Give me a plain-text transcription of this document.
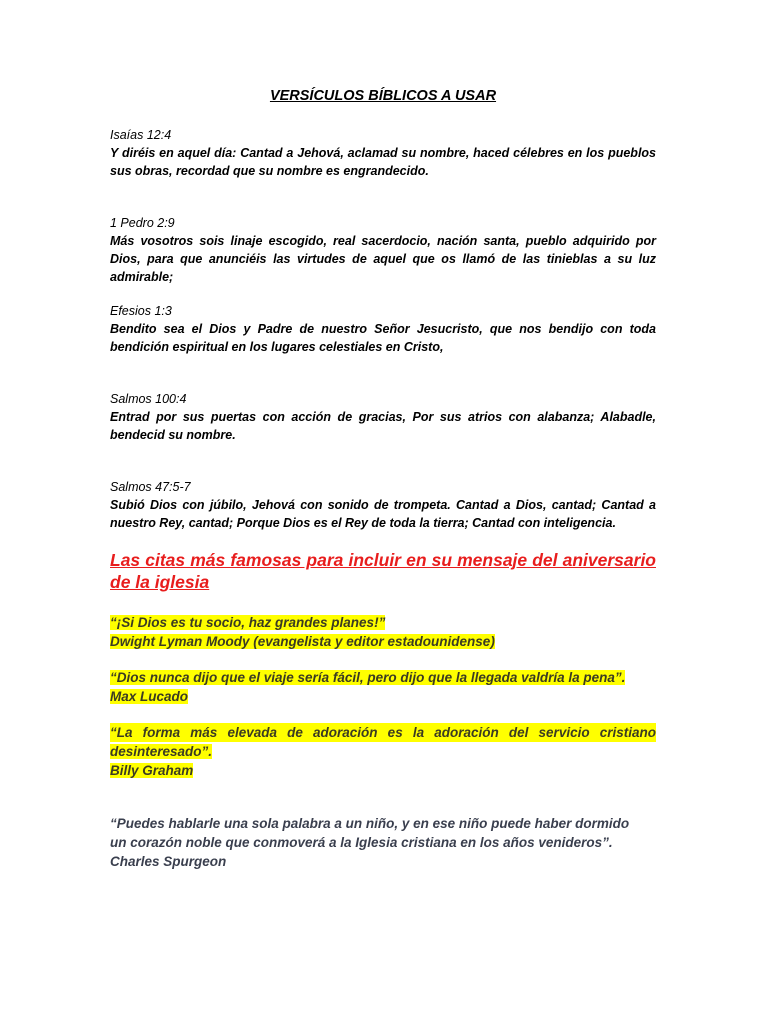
VERSÍCULOS BÍBLICOS A USAR
Isaías 12:4
Y diréis en aquel día: Cantad a Jehová, aclamad su nombre, haced célebres en los pueblos sus obras, recordad que su nombre es engrandecido.
1 Pedro 2:9
Más vosotros sois linaje escogido, real sacerdocio, nación santa, pueblo adquirido por Dios, para que anunciéis las virtudes de aquel que os llamó de las tinieblas a su luz admirable;
Efesios 1:3
Bendito sea el Dios y Padre de nuestro Señor Jesucristo, que nos bendijo con toda bendición espiritual en los lugares celestiales en Cristo,
Salmos 100:4
Entrad por sus puertas con acción de gracias, Por sus atrios con alabanza; Alabadle, bendecid su nombre.
Salmos 47:5-7
Subió Dios con júbilo, Jehová con sonido de trompeta. Cantad a Dios, cantad; Cantad a nuestro Rey, cantad; Porque Dios es el Rey de toda la tierra; Cantad con inteligencia.
Las citas más famosas para incluir en su mensaje del aniversario de la iglesia
“¡Si Dios es tu socio, haz grandes planes!”
Dwight Lyman Moody (evangelista y editor estadounidense)
“Dios nunca dijo que el viaje sería fácil, pero dijo que la llegada valdría la pena”.
Max Lucado
“La forma más elevada de adoración es la adoración del servicio cristiano
desinteresado”.
Billy Graham
“Puedes hablarle una sola palabra a un niño, y en ese niño puede haber dormido
un corazón noble que conmoverá a la Iglesia cristiana en los años venideros”.
Charles Spurgeon
